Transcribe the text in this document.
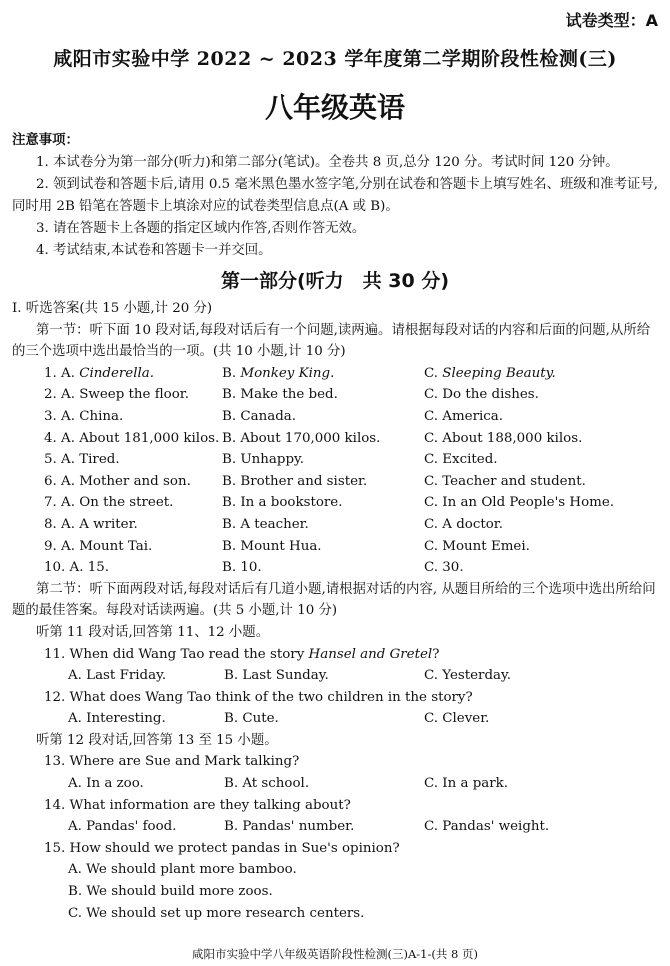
试卷类型：A
咸阳市实验中学 2022 ~ 2023 学年度第二学期阶段性检测(三)
八年级英语
注意事项：
1. 本试卷分为第一部分(听力)和第二部分(笔试)。全卷共 8 页,总分 120 分。考试时间 120 分钟。
2. 领到试卷和答题卡后,请用 0.5 毫米黑色墨水签字笔,分别在试卷和答题卡上填写姓名、班级和准考证号,同时用 2B 铅笔在答题卡上填涂对应的试卷类型信息点(A 或 B)。
3. 请在答题卡上各题的指定区域内作答,否则作答无效。
4. 考试结束,本试卷和答题卡一并交回。
第一部分(听力　共 30 分)

Ⅰ. 听选答案(共 15 小题,计 20 分)

第一节：听下面 10 段对话,每段对话后有一个问题,读两遍。请根据每段对话的内容和后面的问题,从所给的三个选项中选出最恰当的一项。(共 10 小题,计 10 分)

1. A. Cinderella.	B. Monkey King.	C. Sleeping Beauty.
2. A. Sweep the floor. B. Make the bed.	C. Do the dishes.
3. A. China.	B. Canada.	C. America.
4. A. About 181,000 kilos. B. About 170,000 kilos.	C. About 188,000 kilos.
5. A. Tired.	B. Unhappy.	C. Excited.
6. A. Mother and son. B. Brother and sister.	C. Teacher and student.
7. A. On the street.	B. In a bookstore.	C. In an Old People's Home.
8. A. A writer.	B. A teacher.	C. A doctor.
9. A. Mount Tai.	B. Mount Hua.	C. Mount Emei.
10. A. 15.	B. 10.	C. 30.

第二节：听下面两段对话,每段对话后有几道小题,请根据对话的内容, 从题目所给的三个选项中选出所给问题的最佳答案。每段对话读两遍。(共 5 小题,计 10 分)

听第 11 段对话,回答第 11、12 小题。

11. When did Wang Tao read the story Hansel and Gretel?

A. Last Friday.	B. Last Sunday.	C. Yesterday.

12. What does Wang Tao think of the two children in the story?

A. Interesting.	B. Cute.	C. Clever.

听第 12 段对话,回答第 13 至 15 小题。

13. Where are Sue and Mark talking?

A. In a zoo.	B. At school.	C. In a park.

14. What information are they talking about?

A. Pandas' food.	B. Pandas' number.	C. Pandas' weight.

15. How should we protect pandas in Sue's opinion?

A. We should plant more bamboo.

B. We should build more zoos.

C. We should set up more research centers.

咸阳市实验中学八年级英语阶段性检测(三)A-1-(共 8 页)
